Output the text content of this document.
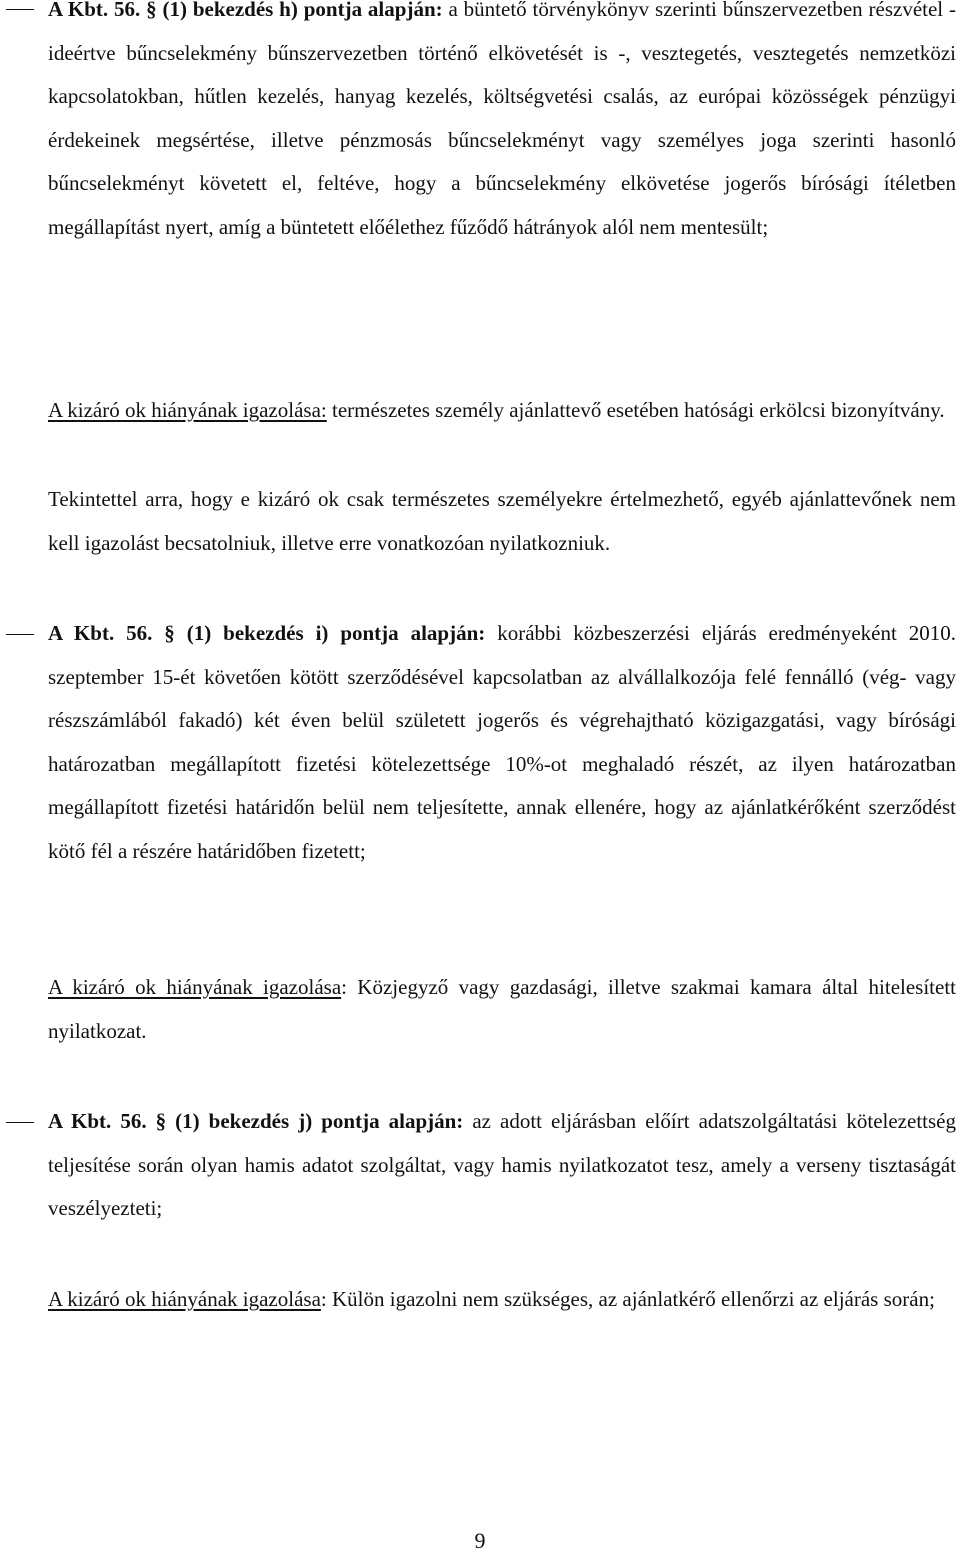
A Kbt. 56. § (1) bekezdés h) pontja alapján: a büntető törvénykönyv szerinti bűnszervezetben részvétel - ideértve bűncselekmény bűnszervezetben történő elkövetését is -, vesztegetés, vesztegetés nemzetközi kapcsolatokban, hűtlen kezelés, hanyag kezelés, költségvetési csalás, az európai közösségek pénzügyi érdekeinek megsértése, illetve pénzmosás bűncselekményt vagy személyes joga szerinti hasonló bűncselekményt követett el, feltéve, hogy a bűncselekmény elkövetése jogerős bírósági ítéletben megállapítást nyert, amíg a büntetett előélethez fűződő hátrányok alól nem mentesült;
A kizáró ok hiányának igazolása: természetes személy ajánlattevő esetében hatósági erkölcsi bizonyítvány.
Tekintettel arra, hogy e kizáró ok csak természetes személyekre értelmezhető, egyéb ajánlattevőnek nem kell igazolást becsatolniuk, illetve erre vonatkozóan nyilatkozniuk.
A Kbt. 56. § (1) bekezdés i) pontja alapján: korábbi közbeszerzési eljárás eredményeként 2010. szeptember 15-ét követően kötött szerződésével kapcsolatban az alvállalkozója felé fennálló (vég- vagy részszámlából fakadó) két éven belül született jogerős és végrehajtható közigazgatási, vagy bírósági határozatban megállapított fizetési kötelezettsége 10%-ot meghaladó részét, az ilyen határozatban megállapított fizetési határidőn belül nem teljesítette, annak ellenére, hogy az ajánlatkérőként szerződést kötő fél a részére határidőben fizetett;
A kizáró ok hiányának igazolása: Közjegyző vagy gazdasági, illetve szakmai kamara által hitelesített nyilatkozat.
A Kbt. 56. § (1) bekezdés j) pontja alapján: az adott eljárásban előírt adatszolgáltatási kötelezettség teljesítése során olyan hamis adatot szolgáltat, vagy hamis nyilatkozatot tesz, amely a verseny tisztaságát veszélyezteti;
A kizáró ok hiányának igazolása: Külön igazolni nem szükséges, az ajánlatkérő ellenőrzi az eljárás során;
9
